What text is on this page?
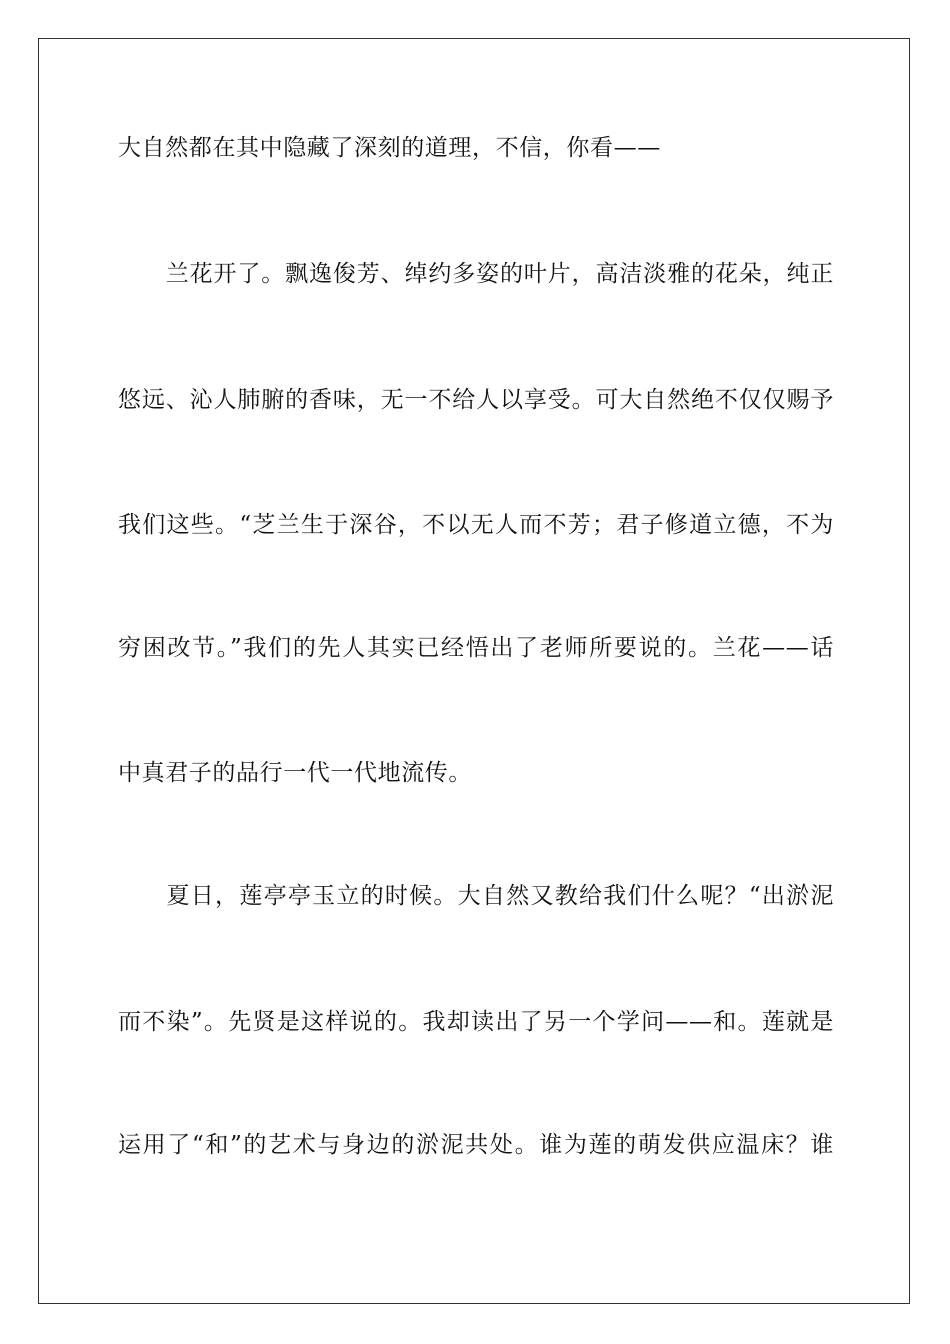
大自然都在其中隐藏了深刻的道理，不信，你看——
　　兰花开了。飘逸俊芳、绰约多姿的叶片，高洁淡雅的花朵，纯正
悠远、沁人肺腑的香味，无一不给人以享受。可大自然绝不仅仅赐予
我们这些。“芝兰生于深谷，不以无人而不芳；君子修道立德，不为
穷困改节。”我们的先人其实已经悟出了老师所要说的。兰花——话
中真君子的品行一代一代地流传。
　　夏日，莲亭亭玉立的时候。大自然又教给我们什么呢？“出淤泥
而不染”。先贤是这样说的。我却读出了另一个学问——和。莲就是
运用了“和”的艺术与身边的淤泥共处。谁为莲的萌发供应温床？谁
